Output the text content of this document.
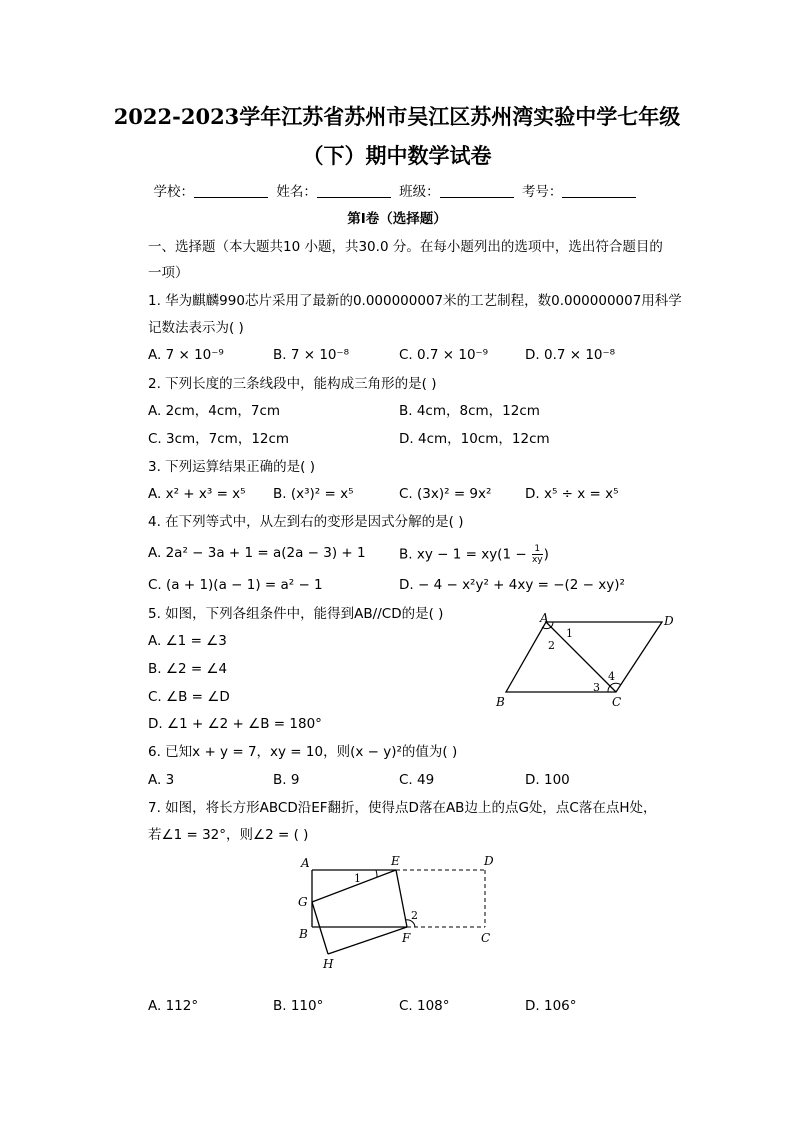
2022-2023学年江苏省苏州市吴江区苏州湾实验中学七年级
（下）期中数学试卷
学校：	姓名：	班级：	考号：
第I卷（选择题）
一、选择题（本大题共10 小题，共30.0 分。在每小题列出的选项中，选出符合题目的
一项）
1. 华为麒麟990芯片采用了最新的0.000000007米的工艺制程，数0.000000007用科学
记数法表示为( )
A. 7 × 10⁻⁹	B. 7 × 10⁻⁸	C. 0.7 × 10⁻⁹	D. 0.7 × 10⁻⁸
2. 下列长度的三条线段中，能构成三角形的是( )
A. 2cm，4cm，7cm	B. 4cm，8cm，12cm
C. 3cm，7cm，12cm	D. 4cm，10cm，12cm
3. 下列运算结果正确的是( )
A. x² + x³ = x⁵ B. (x³)² = x⁵	C. (3x)² = 9x² D. x⁵ ÷ x = x⁵
4. 在下列等式中，从左到右的变形是因式分解的是( )
A. 2a² − 3a + 1 = a(2a − 3) + 1 B. xy − $1 = xy(1 - \frac{1}{xy}$ )
C. (a + 1)(a − 1) = a² − 1	D. − 4 − x²y² + 4xy = −(2 − xy)²
5. 如图，下列各组条件中，能得到AB//CD的是( )
A. ∠1 = ∠3
B. ∠2 = ∠4
C. ∠B = ∠D
D. ∠1 + ∠2 + ∠B = 180°
A	D
B	C
1
2
3
4
6. 已知x + y = 7，xy = 10，则(x − y)²的值为( )
A. 3	B. 9	C. 49	D. 100
7. 如图，将长方形ABCD沿EF翻折，使得点D落在AB边上的点G处，点C落在点H处，
若∠1 = 32°，则∠2 = ( )
A	E	D
G
B	F	C
H
1
2
A. 112°	B. 110°	C. 108°	D. 106°
